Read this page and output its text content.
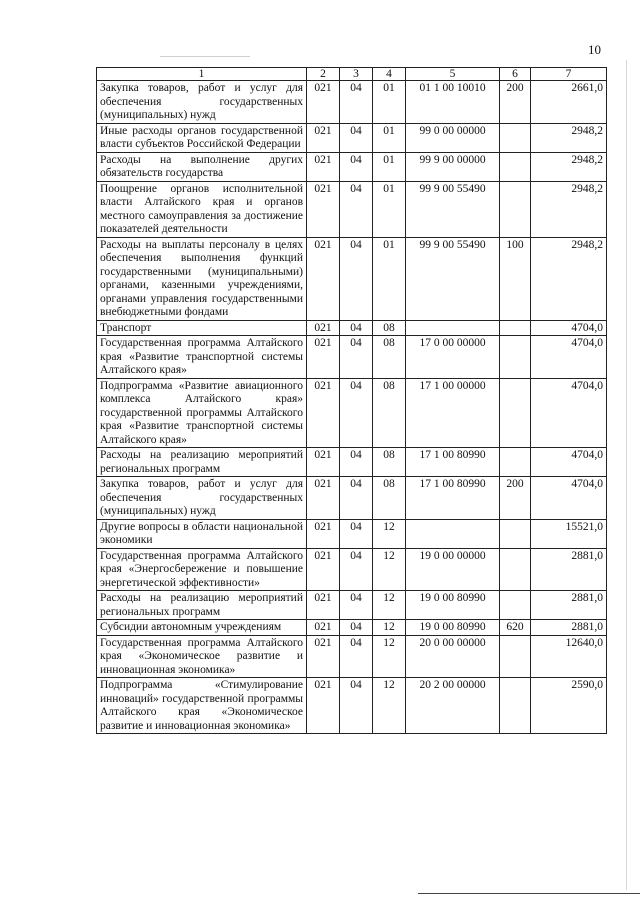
10
1	2	3	4	5	6	7
Закупка товаров, работ и услуг для обеспечения государственных (муниципальных) нужд	021	04	01	01 1 00 10010	200	2661,0
Иные расходы органов государственной власти субъектов Российской Федерации	021	04	01	99 0 00 00000		2948,2
Расходы на выполнение других обязательств государства	021	04	01	99 9 00 00000		2948,2
Поощрение органов исполнительной власти Алтайского края и органов местного самоуправления за достижение показателей деятельности	021	04	01	99 9 00 55490		2948,2
Расходы на выплаты персоналу в целях обеспечения выполнения функций государственными (муниципальными) органами, казенными учреждениями, органами управления государственными внебюджетными фондами	021	04	01	99 9 00 55490	100	2948,2
Транспорт	021	04	08			4704,0
Государственная программа Алтайского края «Развитие транспортной системы Алтайского края»	021	04	08	17 0 00 00000		4704,0
Подпрограмма «Развитие авиационного комплекса Алтайского края» государственной программы Алтайского края «Развитие транспортной системы Алтайского края»	021	04	08	17 1 00 00000		4704,0
Расходы на реализацию мероприятий региональных программ	021	04	08	17 1 00 80990		4704,0
Закупка товаров, работ и услуг для обеспечения государственных (муниципальных) нужд	021	04	08	17 1 00 80990	200	4704,0
Другие вопросы в области национальной экономики	021	04	12			15521,0
Государственная программа Алтайского края «Энергосбережение и повышение энергетической эффективности»	021	04	12	19 0 00 00000		2881,0
Расходы на реализацию мероприятий региональных программ	021	04	12	19 0 00 80990		2881,0
Субсидии автономным учреждениям	021	04	12	19 0 00 80990	620	2881,0
Государственная программа Алтайского края «Экономическое развитие и инновационная экономика»	021	04	12	20 0 00 00000		12640,0
Подпрограмма «Стимулирование инноваций» государственной программы Алтайского края «Экономическое развитие и инновационная экономика»	021	04	12	20 2 00 00000		2590,0
